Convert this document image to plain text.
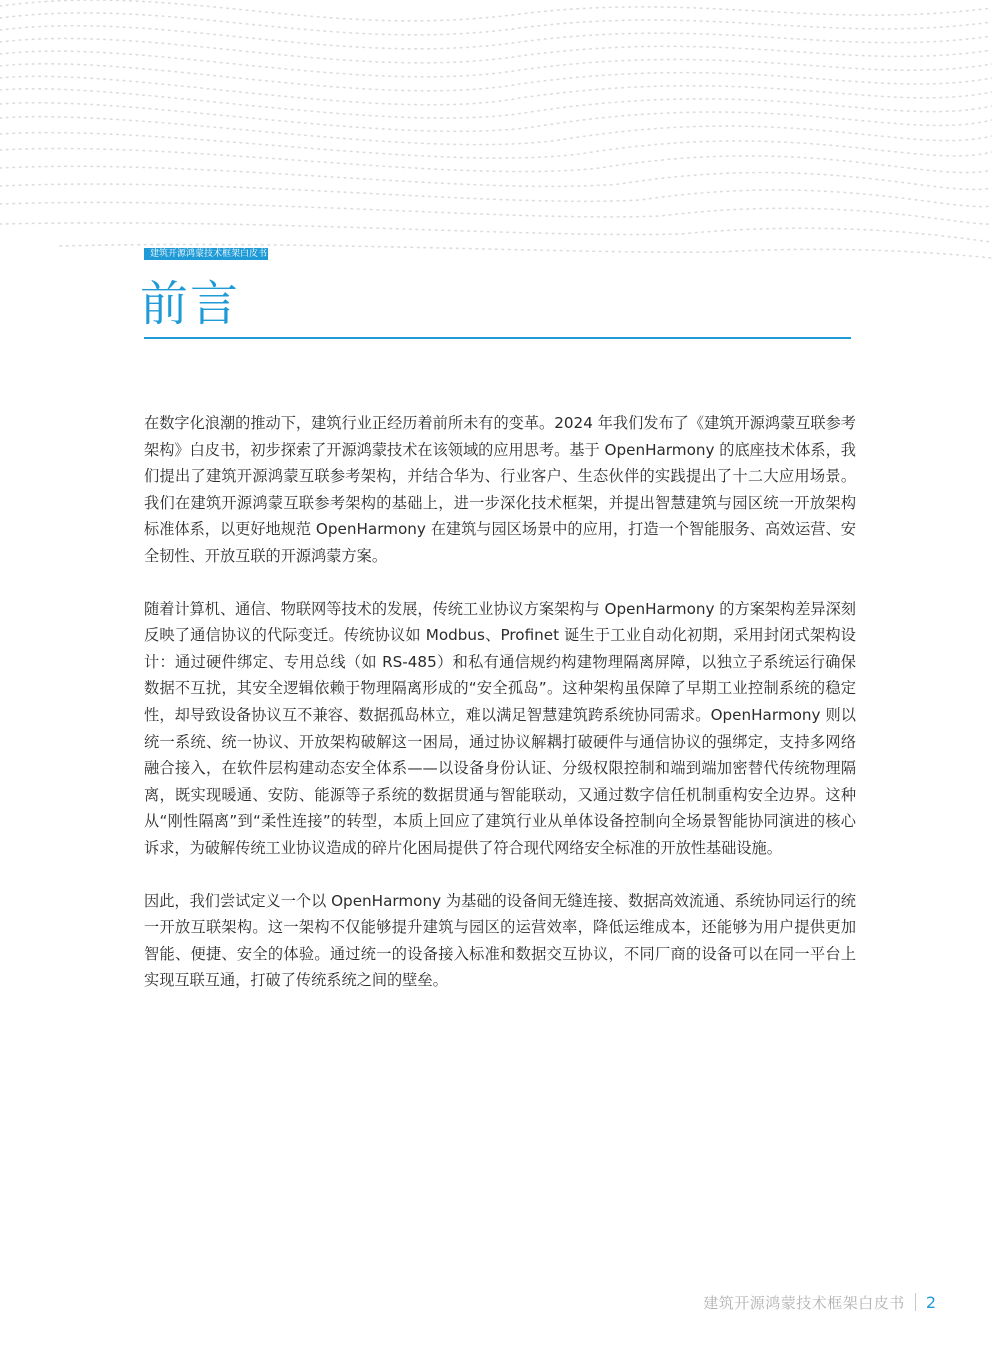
建筑开源鸿蒙技术框架白皮书
前言

在数字化浪潮的推动下，建筑行业正经历着前所未有的变革。2024 年我们发布了《建筑开源鸿蒙互联参考架构》白皮书，初步探索了开源鸿蒙技术在该领域的应用思考。基于 OpenHarmony 的底座技术体系，我们提出了建筑开源鸿蒙互联参考架构，并结合华为、行业客户、生态伙伴的实践提出了十二大应用场景。我们在建筑开源鸿蒙互联参考架构的基础上，进一步深化技术框架，并提出智慧建筑与园区统一开放架构标准体系，以更好地规范 OpenHarmony 在建筑与园区场景中的应用，打造一个智能服务、高效运营、安全韧性、开放互联的开源鸿蒙方案。

随着计算机、通信、物联网等技术的发展，传统工业协议方案架构与 OpenHarmony 的方案架构差异深刻反映了通信协议的代际变迁。传统协议如 Modbus、Profinet 诞生于工业自动化初期，采用封闭式架构设计：通过硬件绑定、专用总线（如 RS-485）和私有通信规约构建物理隔离屏障，以独立子系统运行确保数据不互扰，其安全逻辑依赖于物理隔离形成的“安全孤岛”。这种架构虽保障了早期工业控制系统的稳定性，却导致设备协议互不兼容、数据孤岛林立，难以满足智慧建筑跨系统协同需求。OpenHarmony 则以统一系统、统一协议、开放架构破解这一困局，通过协议解耦打破硬件与通信协议的强绑定，支持多网络融合接入，在软件层构建动态安全体系——以设备身份认证、分级权限控制和端到端加密替代传统物理隔离，既实现暖通、安防、能源等子系统的数据贯通与智能联动，又通过数字信任机制重构安全边界。这种从“刚性隔离”到“柔性连接”的转型，本质上回应了建筑行业从单体设备控制向全场景智能协同演进的核心诉求，为破解传统工业协议造成的碎片化困局提供了符合现代网络安全标准的开放性基础设施。

因此，我们尝试定义一个以 OpenHarmony 为基础的设备间无缝连接、数据高效流通、系统协同运行的统一开放互联架构。这一架构不仅能够提升建筑与园区的运营效率，降低运维成本，还能够为用户提供更加智能、便捷、安全的体验。通过统一的设备接入标准和数据交互协议，不同厂商的设备可以在同一平台上实现互联互通，打破了传统系统之间的壁垒。

建筑开源鸿蒙技术框架白皮书 2
